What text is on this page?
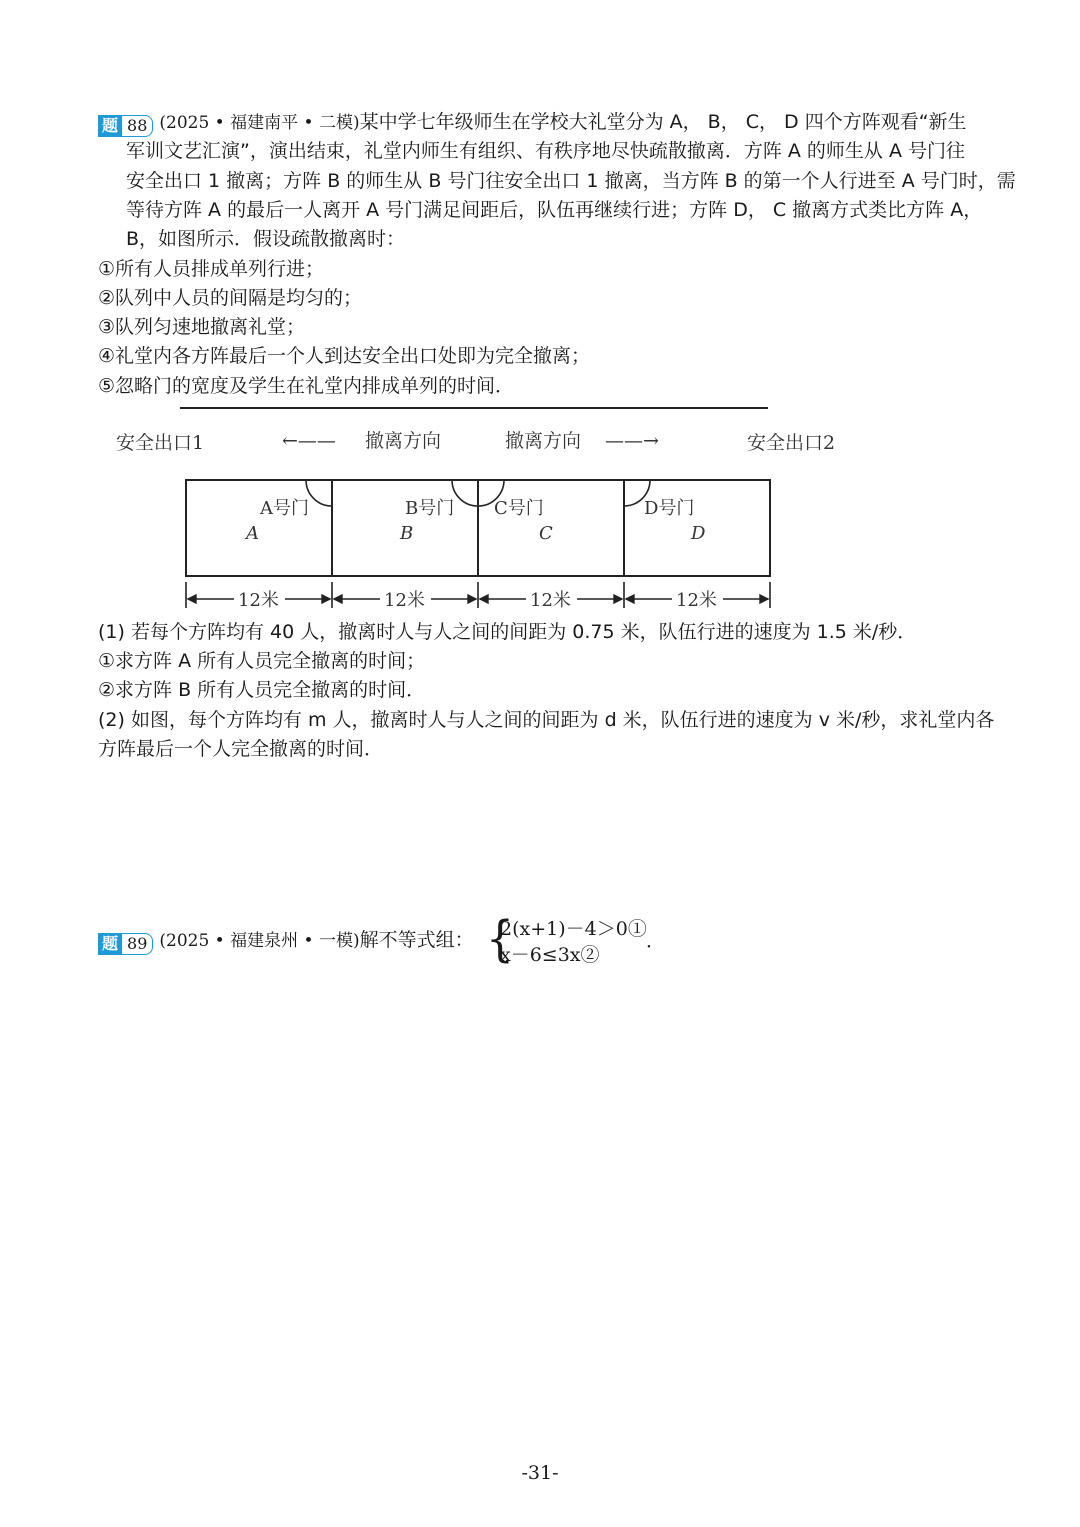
题 88 (2025 • 福建南平 • 二模)某中学七年级师生在学校大礼堂分为 A， B， C， D 四个方阵观看“新生
军训文艺汇演”，演出结束，礼堂内师生有组织、有秩序地尽快疏散撤离．方阵 A 的师生从 A 号门往
安全出口 1 撤离；方阵 B 的师生从 B 号门往安全出口 1 撤离，当方阵 B 的第一个人行进至 A 号门时，需
等待方阵 A 的最后一人离开 A 号门满足间距后，队伍再继续行进；方阵 D， C 撤离方式类比方阵 A，
B，如图所示．假设疏散撤离时：
①所有人员排成单列行进；
②队列中人员的间隔是均匀的；
③队列匀速地撤离礼堂；
④礼堂内各方阵最后一个人到达安全出口处即为完全撤离；
⑤忽略门的宽度及学生在礼堂内排成单列的时间．
安全出口1	←—— 撤离方向	撤离方向 ——→	安全出口2
A号门	B号门 C号门	D号门
A	B	C	D
12米	12米	12米	12米
(1) 若每个方阵均有 40 人，撤离时人与人之间的间距为 0.75 米，队伍行进的速度为 1.5 米/秒．
①求方阵 A 所有人员完全撤离的时间；
②求方阵 B 所有人员完全撤离的时间．
(2) 如图，每个方阵均有 m 人，撤离时人与人之间的间距为 d 米，队伍行进的速度为 v 米/秒，求礼堂内各
方阵最后一个人完全撤离的时间．
题 89 (2025 • 福建泉州 • 一模)解不等式组： {
2(x+1)－4＞0①
x－6≤3x②
．
-31-
